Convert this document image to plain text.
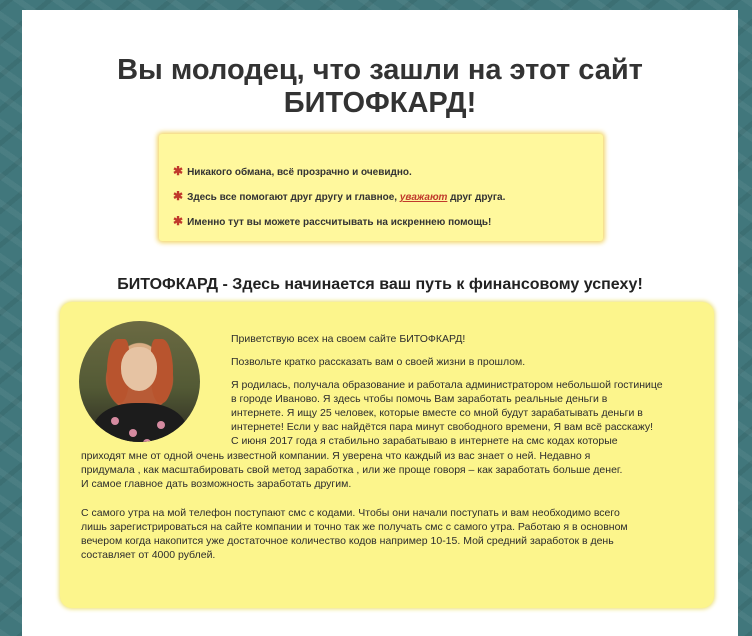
Вы молодец, что зашли на этот сайт
БИТОФКАРД!
✱ Никакого обмана, всё прозрачно и очевидно.
✱ Здесь все помогают друг другу и главное, уважают друг друга.
✱ Именно тут вы можете рассчитывать на искреннею помощь!
БИТОФКАРД - Здесь начинается ваш путь к финансовому успеху!
Приветствую всех на своем сайте БИТОФКАРД!
Позвольте кратко рассказать вам о своей жизни в прошлом.
Я родилась, получала образование и работала администратором небольшой гостинице
в городе Иваново. Я здесь чтобы помочь Вам заработать реальные деньги в
интернете. Я ищу 25 человек, которые вместе со мной будут зарабатывать деньги в
интернете! Если у вас найдётся пара минут свободного времени, Я вам всё расскажу!
С июня 2017 года я стабильно зарабатываю в интернете на смс кодах которые
приходят мне от одной очень известной компании. Я уверена что каждый из вас знает о ней. Недавно я
придумала , как масштабировать свой метод заработка , или же проще говоря – как заработать больше денег.
И самое главное дать возможность заработать другим.
С самого утра на мой телефон поступают смс с кодами. Чтобы они начали поступать и вам необходимо всего
лишь зарегистрироваться на сайте компании и точно так же получать смс с самого утра. Работаю я в основном
вечером когда накопится уже достаточное количество кодов например 10-15. Мой средний заработок в день
составляет от 4000 рублей.
